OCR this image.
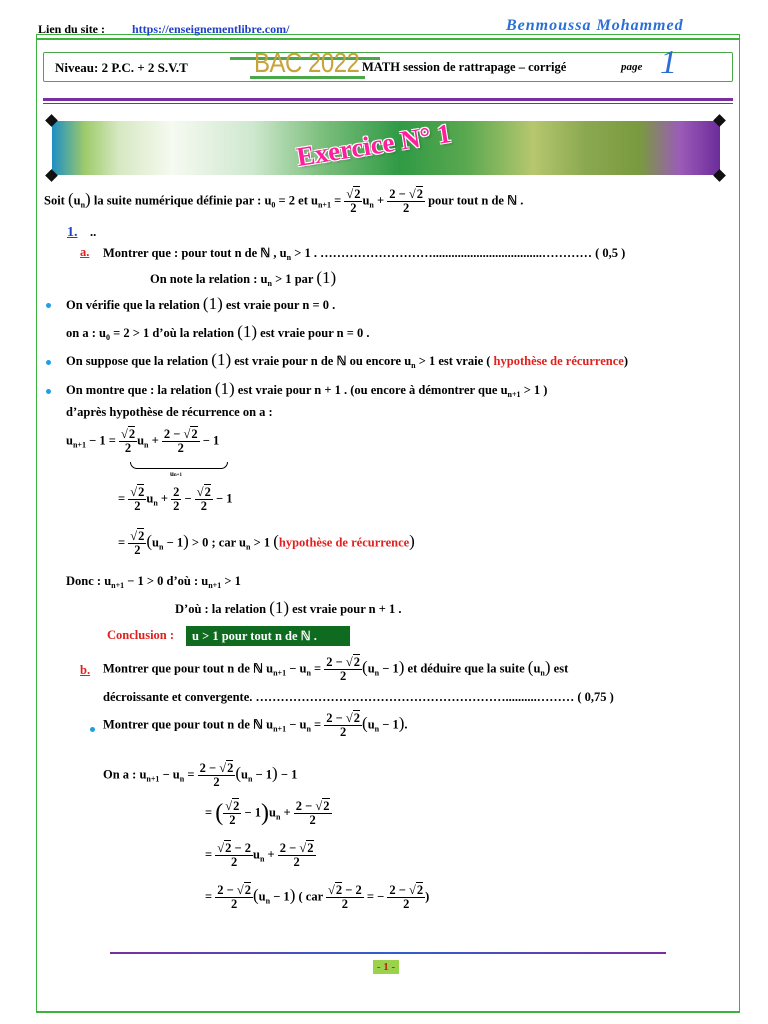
Lien du site : https://enseignementlibre.com/	Benmoussa Mohammed
Niveau: 2 P.C. + 2 S.V.T	BAC 2022 MATH session de rattrapage – corrigé	page 1
Exercice N° 1
Soit $(u_n)$ la suite numérique définie par : $u_0 = 2$ et $u_{n+1} = \frac{√2}{2} u_n + \frac{2 - √2}{2}$ pour tout n de ℕ .
1. ..
a. Montrer que : pour tout n de ℕ , $u_n > 1$ . ………………………...................................………… ( 0,5 )
On note la relation : $u_n > 1$ par (1)
On vérifie que la relation (1) est vraie pour n = 0 .
on a : $u_0 = 2 > 1$ d’où la relation (1) est vraie pour n = 0 .
On suppose que la relation (1) est vraie pour n de ℕ ou encore $u_n > 1$ est vraie ( hypothèse de récurrence)
On montre que : la relation (1) est vraie pour n + 1 . (ou encore à démontrer que $u_{n+1} > 1$ )
d’après hypothèse de récurrence on a :
$u_{n+1} - 1 = \frac{√2}{2} u_n + \frac{2 - √2}{2} - 1$
un+1
= $\frac{√2}{2} u_n + \frac{2}{2} - \frac{√2}{2} - 1$
= $\frac{√2}{2} (u_n - 1) > 0$ ; car $u_n > 1$ (hypothèse de récurrence)
Donc : $u_{n+1} - 1 > 0$ d’où : $u_{n+1} > 1$
D’où : la relation (1) est vraie pour n + 1 .
Conclusion :	u > 1 pour tout n de ℕ .
b. Montrer que pour tout n de ℕ $u_{n+1} - u_n = \frac{2 - √2}{2} (u_n - 1)$ et déduire que la suite $(u_n)$ est
décroissante et convergente. ……………………………………………………..........……… ( 0,75 )
Montrer que pour tout n de ℕ $u_{n+1} - u_n = \frac{2 - √2}{2} (u_n - 1)$.
On a : $u_{n+1} - u_n = \frac{2 - √2}{2} (u_n - 1) - 1$
= ( $\frac{√2}{2} - 1)u_n + \frac{2 - √2}{2}$
= $\frac{√2 - 2}{2} u_n + \frac{2 - √2}{2}$
= $\frac{2 - √2}{2} (u_n - 1)$ ( car $\frac{√2 - 2}{2}$ = − $\frac{2 - √2}{2}$ )
- 1 -
